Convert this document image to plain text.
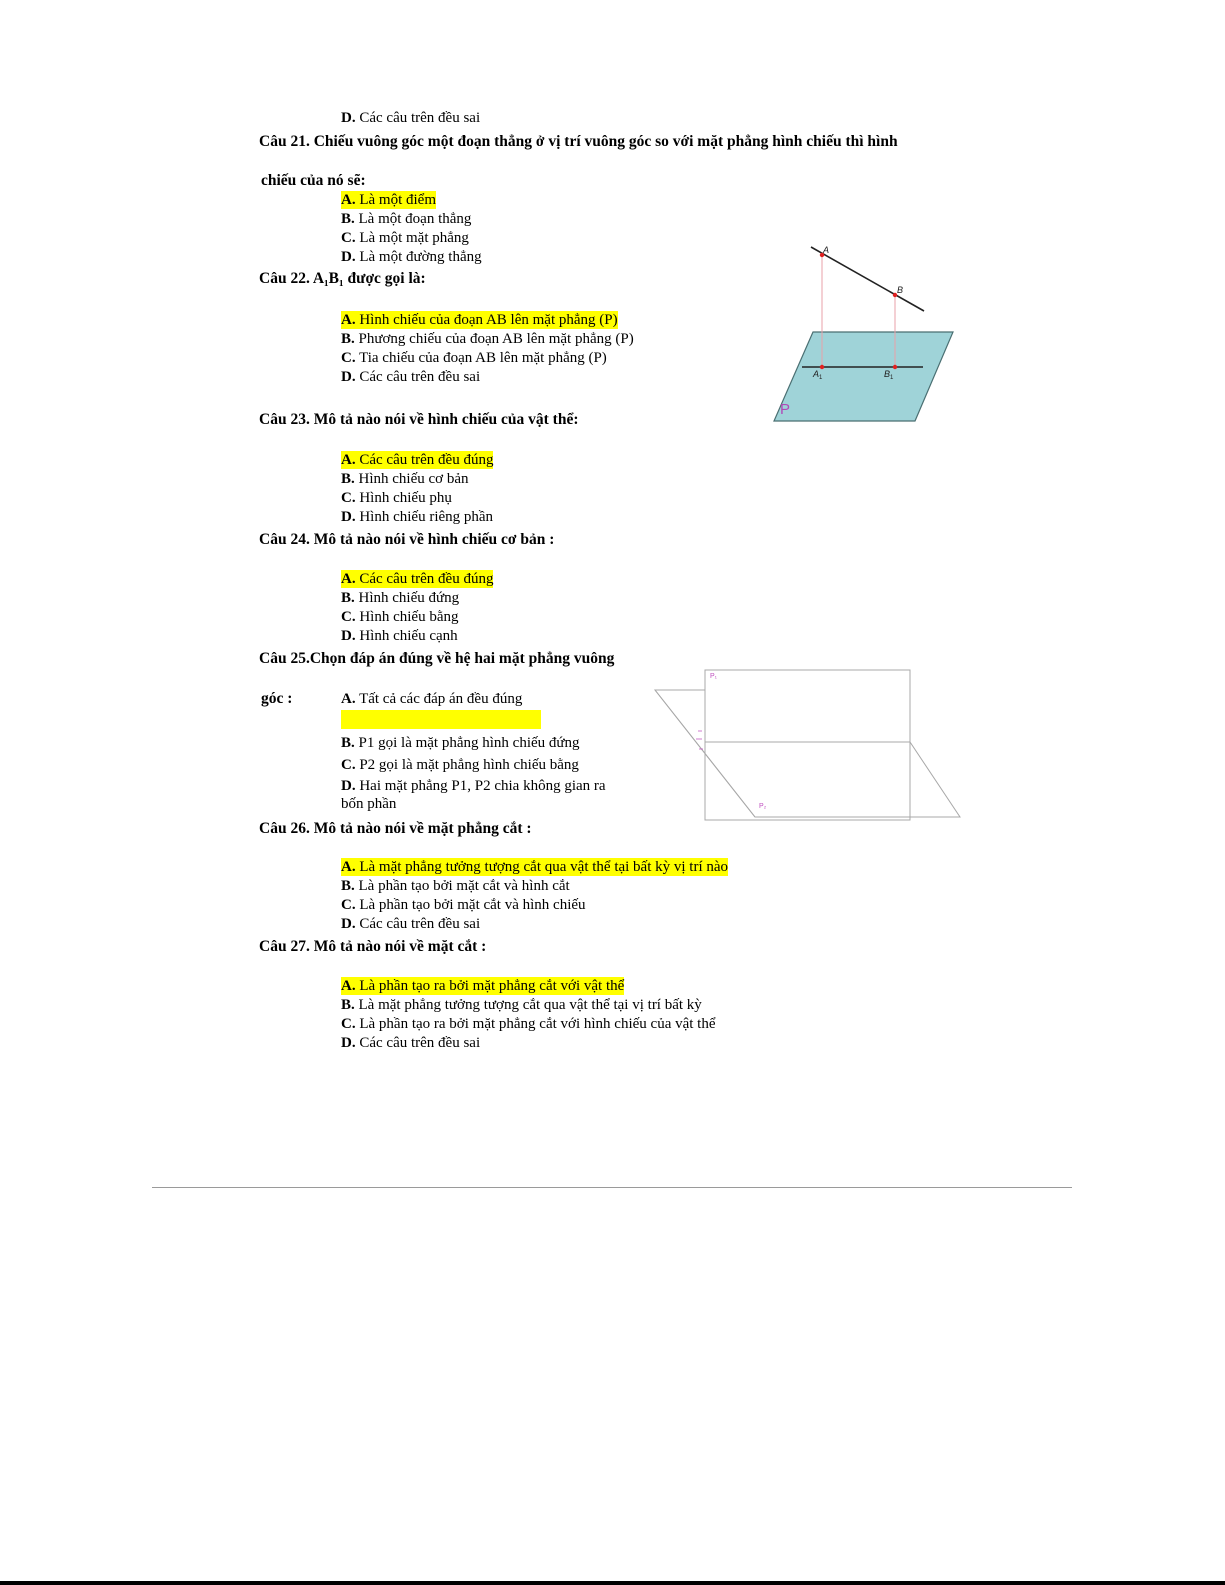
D. Các câu trên đều sai
Câu 21. Chiếu vuông góc một đoạn thẳng ở vị trí vuông góc so với mặt phẳng hình chiếu thì hình
chiếu của nó sẽ:
A. Là một điểm
B. Là một đoạn thẳng
C. Là một mặt phẳng
D. Là một đường thẳng
Câu 22. A₁B₁ được gọi là:
A. Hình chiếu của đoạn AB lên mặt phẳng (P)
B. Phương chiếu của đoạn AB lên mặt phẳng (P)
C. Tia chiếu của đoạn AB lên mặt phẳng (P)
D. Các câu trên đều sai
A
B
A 1	B 1
P
Câu 23. Mô tả nào nói về hình chiếu của vật thể:
A. Các câu trên đều đúng
B. Hình chiếu cơ bản
C. Hình chiếu phụ
D. Hình chiếu riêng phần
Câu 24. Mô tả nào nói về hình chiếu cơ bản :
A. Các câu trên đều đúng
B. Hình chiếu đứng
C. Hình chiếu bằng
D. Hình chiếu cạnh
Câu 25.Chọn đáp án đúng về hệ hai mặt phẳng vuông
góc :	A. Tất cả các đáp án đều đúng
B. P1 gọi là mặt phẳng hình chiếu đứng
C. P2 gọi là mặt phẳng hình chiếu bằng
D. Hai mặt phẳng P1, P2 chia không gian ra
bốn phần
P₁
P₂
Câu 26. Mô tả nào nói về mặt phẳng cắt :
A. Là mặt phẳng tưởng tượng cắt qua vật thể tại bất kỳ vị trí nào
B. Là phần tạo bởi mặt cắt và hình cắt
C. Là phần tạo bởi mặt cắt và hình chiếu
D. Các câu trên đều sai
Câu 27. Mô tả nào nói về mặt cắt :
A. Là phần tạo ra bởi mặt phẳng cắt với vật thể
B. Là mặt phẳng tưởng tượng cắt qua vật thể tại vị trí bất kỳ
C. Là phần tạo ra bởi mặt phẳng cắt với hình chiếu của vật thể
D. Các câu trên đều sai
